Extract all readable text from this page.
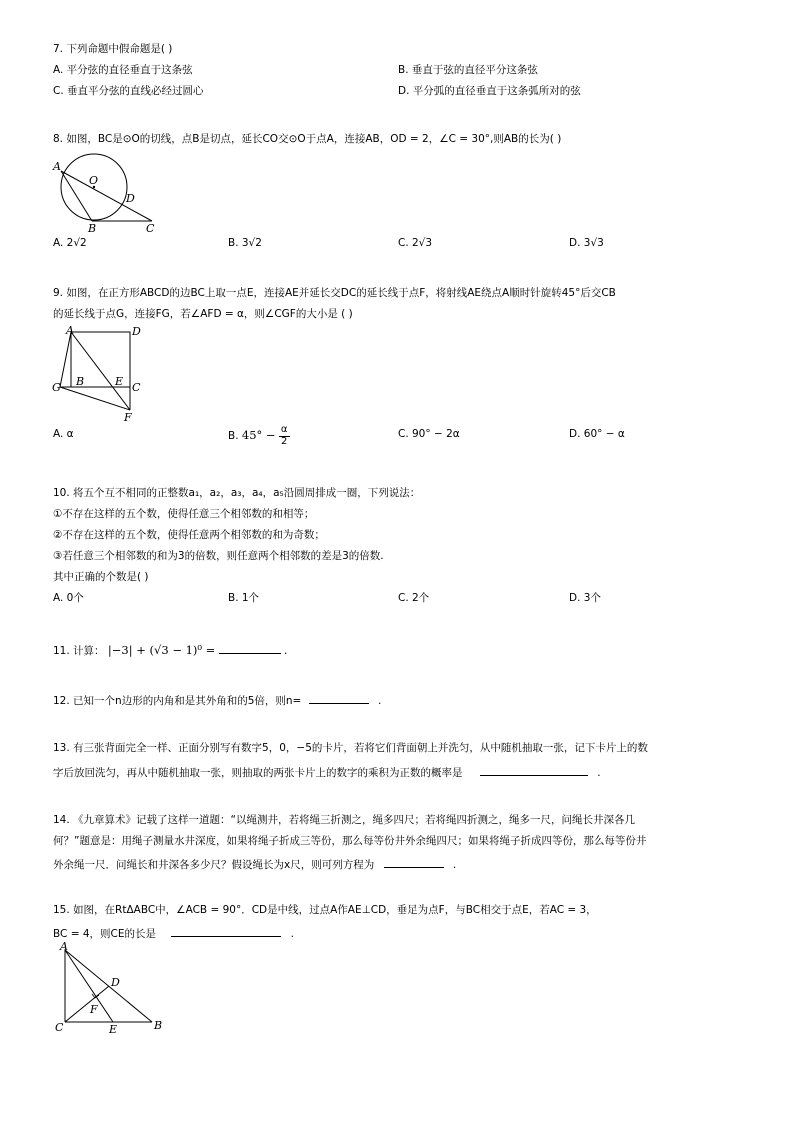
7. 下列命题中假命题是( )
A. 平分弦的直径垂直于这条弦	B. 垂直于弦的直径平分这条弦
C. 垂直平分弦的直线必经过圆心	D. 平分弧的直径垂直于这条弧所对的弦
8. 如图，BC是⊙O的切线，点B是切点，延长CO交⊙O于点A，连接AB，OD = 2，∠C = 30°,则AB的长为( )
A
O
D
B	C
A. 2√2	B. 3√2	C. 2√3	D. 3√3
9. 如图，在正方形ABCD的边BC上取一点E，连接AE并延长交DC的延长线于点F，将射线AE绕点A顺时针旋转45°后交CB
的延长线于点G，连接FG，若∠AFD = α，则∠CGF的大小是 ( )
A	D
G B	E C
F
A. α	B. $45^\circ - \frac{\alpha}{2}$	C. 90° − 2α	D. 60° − α
10. 将五个互不相同的正整数a₁，a₂，a₃，a₄，a₅沿圆周排成一圈，下列说法：
①不存在这样的五个数，使得任意三个相邻数的和相等；
②不存在这样的五个数，使得任意两个相邻数的和为奇数；
③若任意三个相邻数的和为3的倍数，则任意两个相邻数的差是3的倍数.
其中正确的个数是( )
A. 0个	B. 1个	C. 2个	D. 3个
11. 计算： |−3| + (√3 − 1)⁰ =	.
12. 已知一个n边形的内角和是其外角和的5倍，则n=	.
13. 有三张背面完全一样、正面分别写有数字5，0，−5的卡片，若将它们背面朝上并洗匀，从中随机抽取一张，记下卡片上的数
字后放回洗匀，再从中随机抽取一张，则抽取的两张卡片上的数字的乘积为正数的概率是	.
14. 《九章算术》记载了这样一道题：“以绳测井，若将绳三折测之，绳多四尺；若将绳四折测之，绳多一尺，问绳长井深各几
何？”题意是：用绳子测量水井深度，如果将绳子折成三等份，那么每等份井外余绳四尺；如果将绳子折成四等份，那么每等份井
外余绳一尺．问绳长和井深各多少尺？假设绳长为x尺，则可列方程为	.
15. 如图，在RtΔABC中，∠ACB = 90°．CD是中线，过点A作AE⊥CD，垂足为点F，与BC相交于点E，若AC = 3，
BC = 4，则CE的长是	.
A
D
F
C	E	B
